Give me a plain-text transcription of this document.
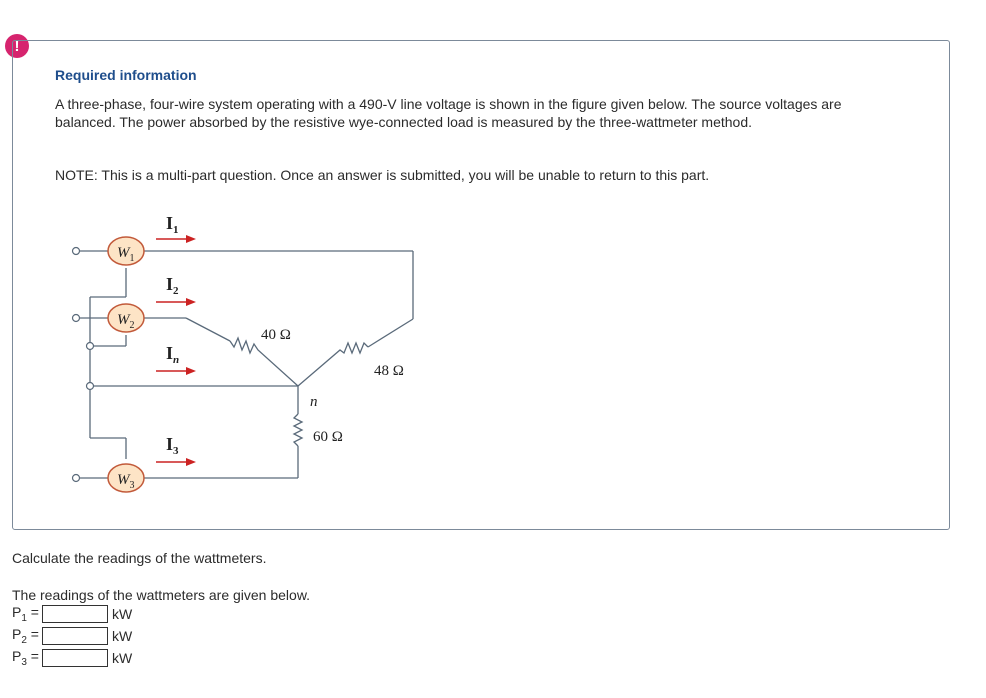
!
Required information
A three-phase, four-wire system operating with a 490-V line voltage is shown in the figure given below. The source voltages are balanced. The power absorbed by the resistive wye-connected load is measured by the three-wattmeter method.
NOTE: This is a multi-part question. Once an answer is submitted, you will be unable to return to this part.
$W_1$
$W_2$
$W_3$
$I_1$
$I_2$
$I_n$
$I_3$
40 Ω
48 Ω
60 Ω
n
Calculate the readings of the wattmeters.
The readings of the wattmeters are given below.
$P_1$ =	kW
$P_2$ =	kW
$P_3$ =	kW
